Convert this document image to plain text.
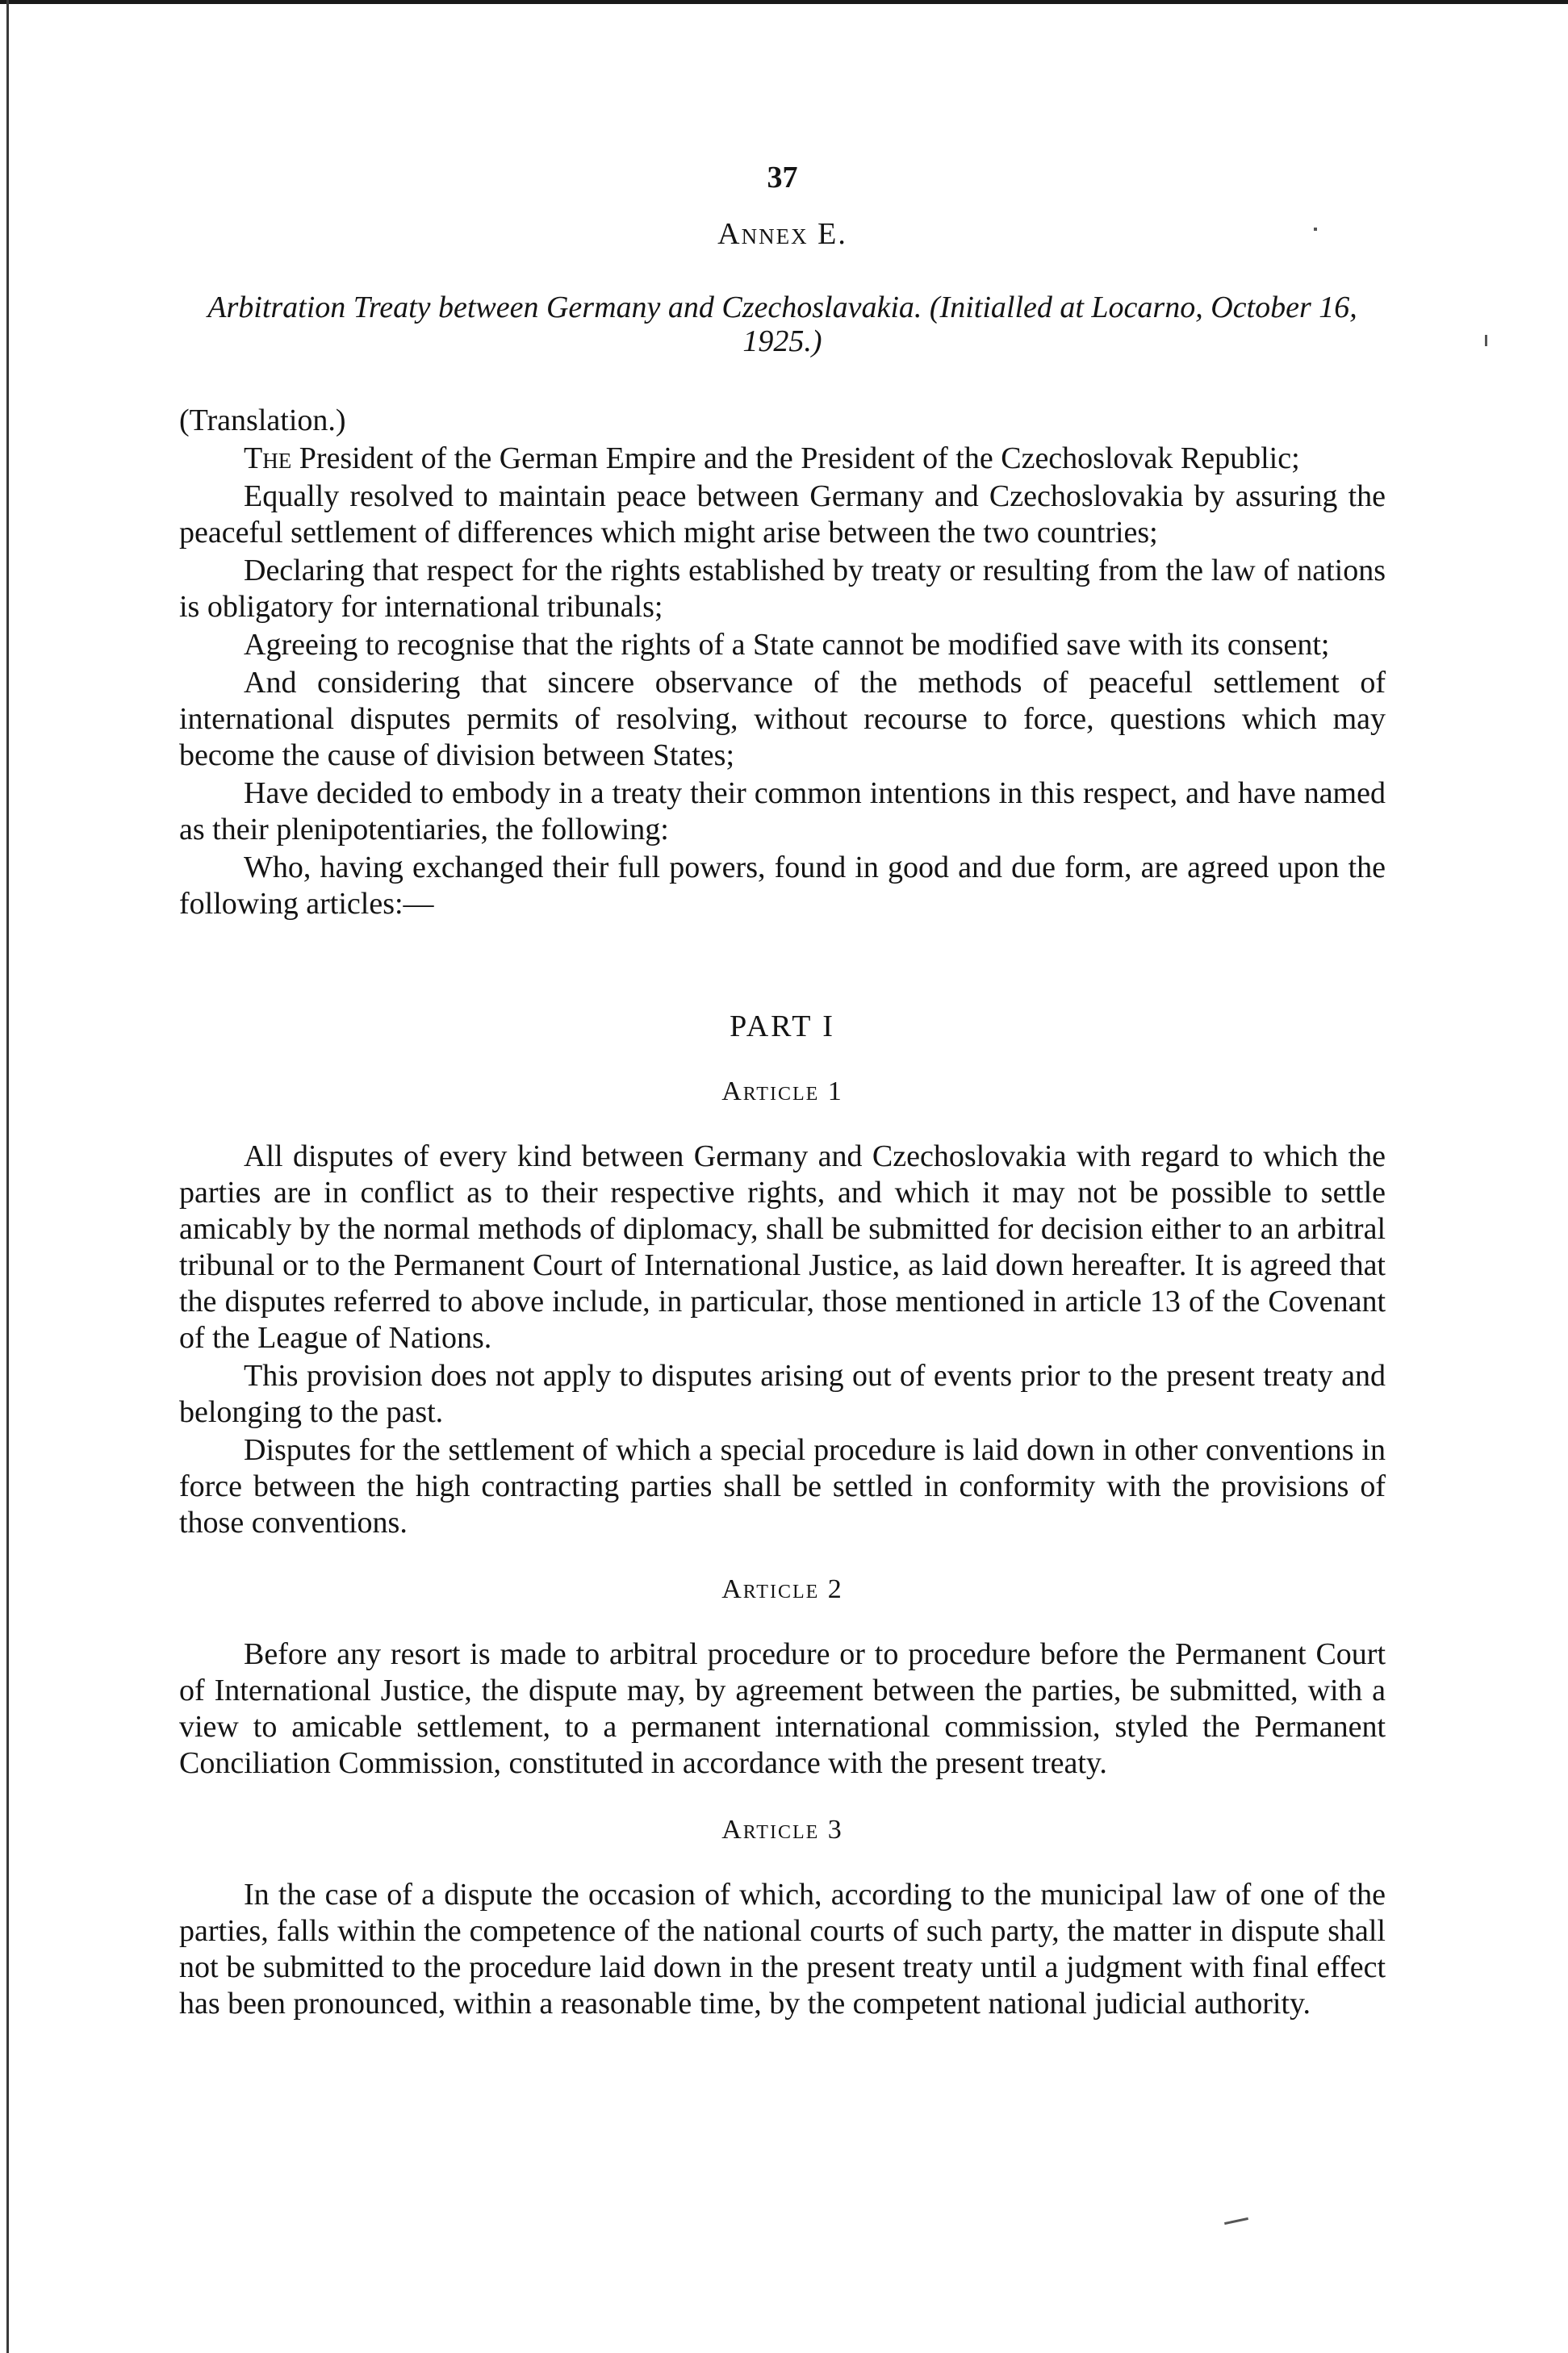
37
Annex E.
Arbitration Treaty between Germany and Czechoslavakia. (Initialled at Locarno, October 16, 1925.)
(Translation.)

The President of the German Empire and the President of the Czechoslovak Republic;

Equally resolved to maintain peace between Germany and Czechoslovakia by assuring the peaceful settlement of differences which might arise between the two countries;

Declaring that respect for the rights established by treaty or resulting from the law of nations is obligatory for international tribunals;

Agreeing to recognise that the rights of a State cannot be modified save with its consent;

And considering that sincere observance of the methods of peaceful settlement of international disputes permits of resolving, without recourse to force, questions which may become the cause of division between States;

Have decided to embody in a treaty their common intentions in this respect, and have named as their plenipotentiaries, the following:

Who, having exchanged their full powers, found in good and due form, are agreed upon the following articles:—

PART I
Article 1

All disputes of every kind between Germany and Czechoslovakia with regard to which the parties are in conflict as to their respective rights, and which it may not be possible to settle amicably by the normal methods of diplomacy, shall be submitted for decision either to an arbitral tribunal or to the Permanent Court of International Justice, as laid down hereafter. It is agreed that the disputes referred to above include, in particular, those mentioned in article 13 of the Covenant of the League of Nations.

This provision does not apply to disputes arising out of events prior to the present treaty and belonging to the past.

Disputes for the settlement of which a special procedure is laid down in other conventions in force between the high contracting parties shall be settled in conformity with the provisions of those conventions.

Article 2

Before any resort is made to arbitral procedure or to procedure before the Permanent Court of International Justice, the dispute may, by agreement between the parties, be submitted, with a view to amicable settlement, to a permanent international commission, styled the Permanent Conciliation Commission, constituted in accordance with the present treaty.

Article 3

In the case of a dispute the occasion of which, according to the municipal law of one of the parties, falls within the competence of the national courts of such party, the matter in dispute shall not be submitted to the procedure laid down in the present treaty until a judgment with final effect has been pronounced, within a reasonable time, by the competent national judicial authority.
